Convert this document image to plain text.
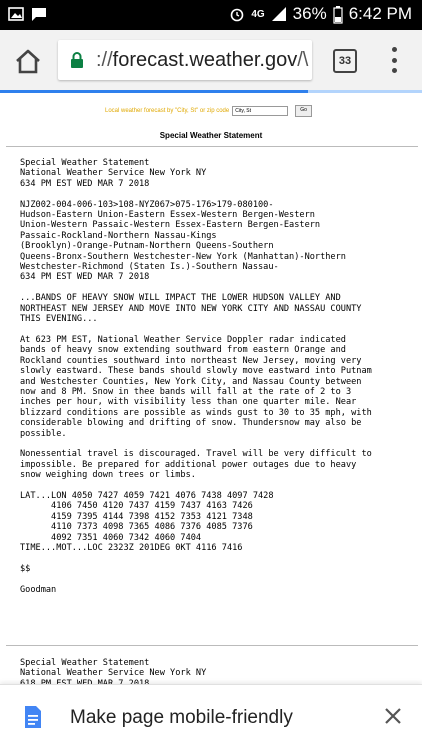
4G 36% 6:42 PM
://forecast.weather.gov/\	33
Local weather forecast by "City, St" or zip code
City, St	Go
Special Weather Statement
Special Weather Statement
National Weather Service New York NY
634 PM EST WED MAR 7 2018

NJZ002-004-006-103>108-NYZ067>075-176>179-080100-
Hudson-Eastern Union-Eastern Essex-Western Bergen-Western
Union-Western Passaic-Western Essex-Eastern Bergen-Eastern
Passaic-Rockland-Northern Nassau-Kings
(Brooklyn)-Orange-Putnam-Northern Queens-Southern
Queens-Bronx-Southern Westchester-New York (Manhattan)-Northern
Westchester-Richmond (Staten Is.)-Southern Nassau-
634 PM EST WED MAR 7 2018

...BANDS OF HEAVY SNOW WILL IMPACT THE LOWER HUDSON VALLEY AND
NORTHEAST NEW JERSEY AND MOVE INTO NEW YORK CITY AND NASSAU COUNTY
THIS EVENING...

At 623 PM EST, National Weather Service Doppler radar indicated
bands of heavy snow extending southward from eastern Orange and
Rockland counties southward into northeast New Jersey, moving very
slowly eastward. These bands should slowly move eastward into Putnam
and Westchester Counties, New York City, and Nassau County between
now and 8 PM. Snow in thee bands will fall at the rate of 2 to 3
inches per hour, with visibility less than one quarter mile. Near
blizzard conditions are possible as winds gust to 30 to 35 mph, with
considerable blowing and drifting of snow. Thundersnow may also be
possible.

Nonessential travel is discouraged. Travel will be very difficult to
impossible. Be prepared for additional power outages due to heavy
snow weighing down trees or limbs.

LAT...LON 4050 7427 4059 7421 4076 7438 4097 7428
4106 7450 4120 7437 4159 7437 4163 7426
4159 7395 4144 7398 4152 7353 4121 7348
4110 7373 4098 7365 4086 7376 4085 7376
4092 7351 4060 7342 4060 7404
TIME...MOT...LOC 2323Z 201DEG 0KT 4116 7416

$$

Goodman
Special Weather Statement
National Weather Service New York NY

Make page mobile-friendly
